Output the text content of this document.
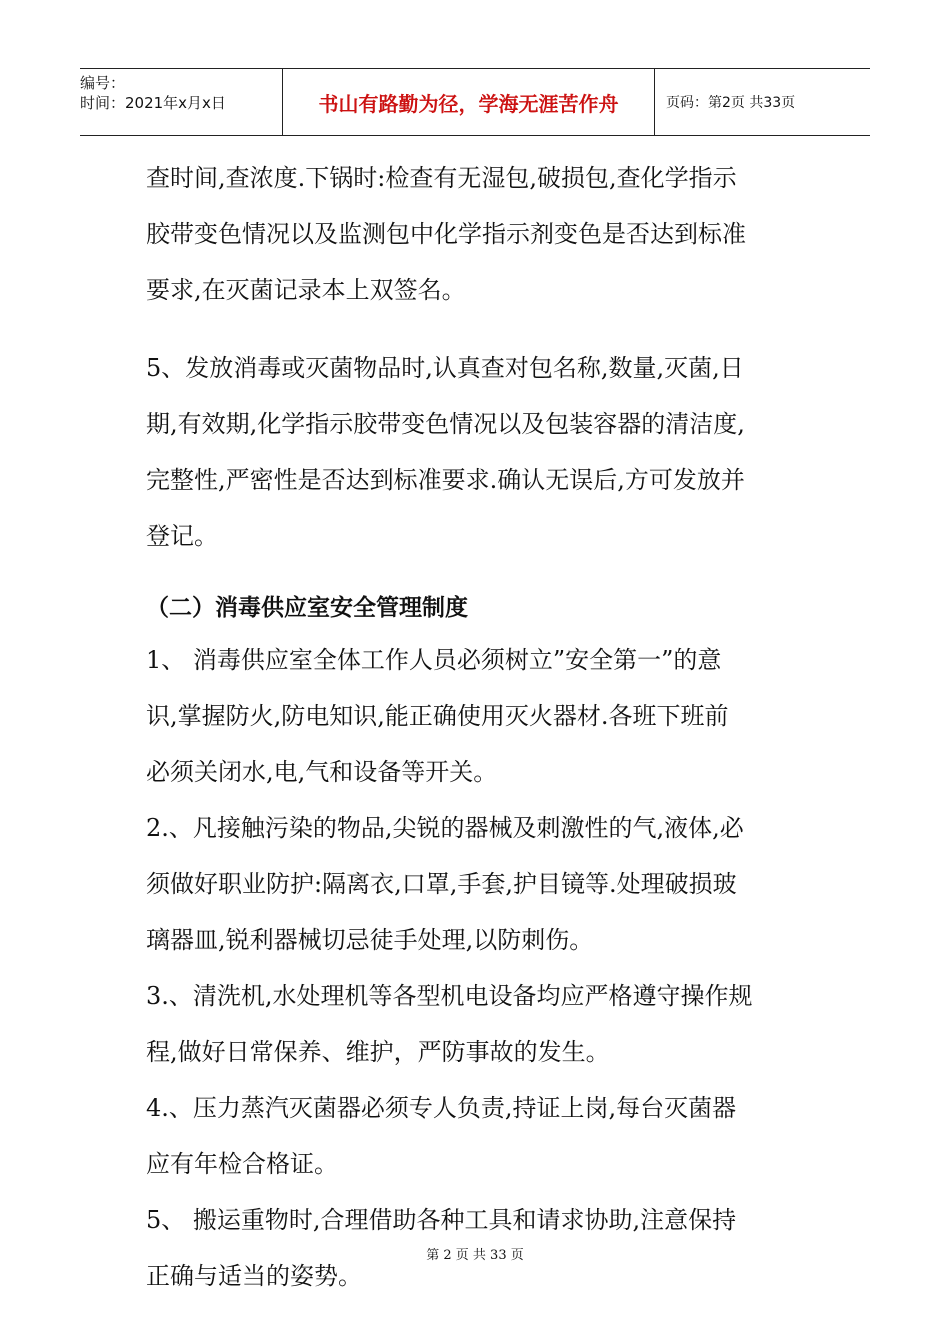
编号：
时间：2021年x月x日	书山有路勤为径，学海无涯苦作舟	页码：第2页 共33页
查时间,查浓度.下锅时:检查有无湿包,破损包,查化学指示
胶带变色情况以及监测包中化学指示剂变色是否达到标准
要求,在灭菌记录本上双签名。
5、发放消毒或灭菌物品时,认真查对包名称,数量,灭菌,日
期,有效期,化学指示胶带变色情况以及包装容器的清洁度,
完整性,严密性是否达到标准要求.确认无误后,方可发放并
登记。
（二）消毒供应室安全管理制度
1、 消毒供应室全体工作人员必须树立”安全第一”的意
识,掌握防火,防电知识,能正确使用灭火器材.各班下班前
必须关闭水,电,气和设备等开关。
2.、凡接触污染的物品,尖锐的器械及刺激性的气,液体,必
须做好职业防护:隔离衣,口罩,手套,护目镜等.处理破损玻
璃器皿,锐利器械切忌徒手处理,以防刺伤。
3.、清洗机,水处理机等各型机电设备均应严格遵守操作规
程,做好日常保养、维护，严防事故的发生。
4.、压力蒸汽灭菌器必须专人负责,持证上岗,每台灭菌器
应有年检合格证。
5、 搬运重物时,合理借助各种工具和请求协助,注意保持
正确与适当的姿势。
第 2 页 共 33 页
